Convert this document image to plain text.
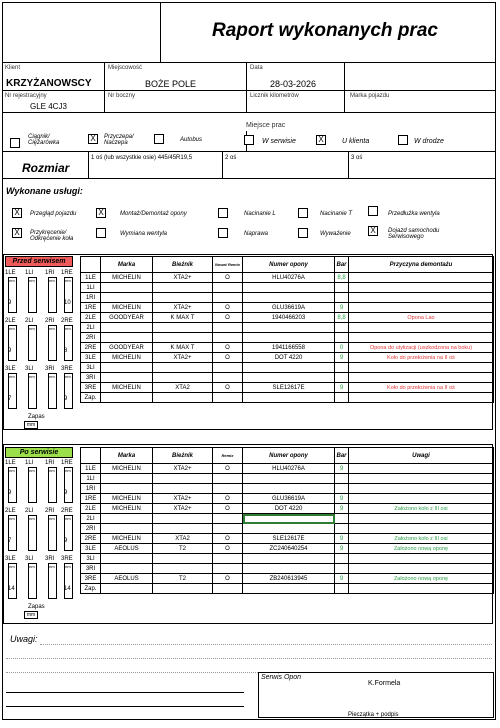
Raport wykonanych prac
Klient
KRZYŻANOWSCY
Miejscowość
BOŻE POLE
Data
28-03-2026
Nr rejestracyjny
GLE 4CJ3
Nr boczny	Licznik kilometrów	Marka pojazdu
Miejsce prac
Ciągnik/ Ciężarówka	X	Przyczepa/ Naczepa	Autobus	W serwisie	X	U klienta	W drodze
Rozmiar
1 oś (lub wszystkie osie) 445/45R19,5	2 oś	3 oś
Wykonane usługi:
X	Przegląd pojazdu	X	Montaż/Demontaż opony	Nacinanie L	Nacinanie T	Przedłużka wentyla
X	Przykręcenie/ Odkręcenie koła
Wymiana wentyla	Naprawa	Wyważenie X	Dojazd samochodu Serwisowego
Przed serwisem
1LE
mm
9
1LI
mm
1RI
mm
1RE
mm
10
2LE
mm
9
2LI
mm
2RI
mm
2RE
mm
8
3LE
mm
7
3LI
mm
3RI
mm
3RE
mm
9
Zapas
mm
	Marka	Bieżnik	Nowa/ Remix	Numer opony	Bar	Przyczyna demontażu
1LE	MICHELIN	XTA2+	O	HLU40276A	8,8	
1LI						
1RI						
1RE	MICHELIN	XTA2+	O	GLU36619A	9	
2LE	GOODYEAR	K MAX T	O	1940466203	8,8	Opona Lao
2LI						
2RI						
2RE	GOODYEAR	K MAX T	O	1941166558	0	Opona do utylizacji (uszkodzona na boku)
3LE	MICHELIN	XTA2+	O	DOT 4220	9	Koło do przełożenia na II oś
3LI						
3RI						
3RE	MICHELIN	XTA2	O	SLE12617E	9	Koło do przełożenia na II oś
Zap.						
Po serwisie
1LE
mm
9
1LI
mm
1RI
mm
1RE
mm
9
2LE
mm
7
2LI
mm
2RI
mm
2RE
mm
9
3LE
mm
14
3LI
mm
3RI
mm
3RE
mm
14
Zapas
mm
	Marka	Bieżnik	Remix	Numer opony	Bar	Uwagi
1LE	MICHELIN	XTA2+	O	HLU40276A	9	
1LI						
1RI						
1RE	MICHELIN	XTA2+	O	GLU36619A	9	
2LE	MICHELIN	XTA2+	O	DOT 4220	9	Założono koło z III osi
2LI						
2RI						
2RE	MICHELIN	XTA2	O	SLE12617E	9	Założono koło z III osi
3LE	AEOLUS	T2	O	ZC240640254	9	Założono nową oponę
3LI						
3RI						
3RE	AEOLUS	T2	O	ZB240613945	9	Założono nową oponę
Zap.						
Uwagi:
Serwis Opon
K.Formela
Pieczątka + podpis
